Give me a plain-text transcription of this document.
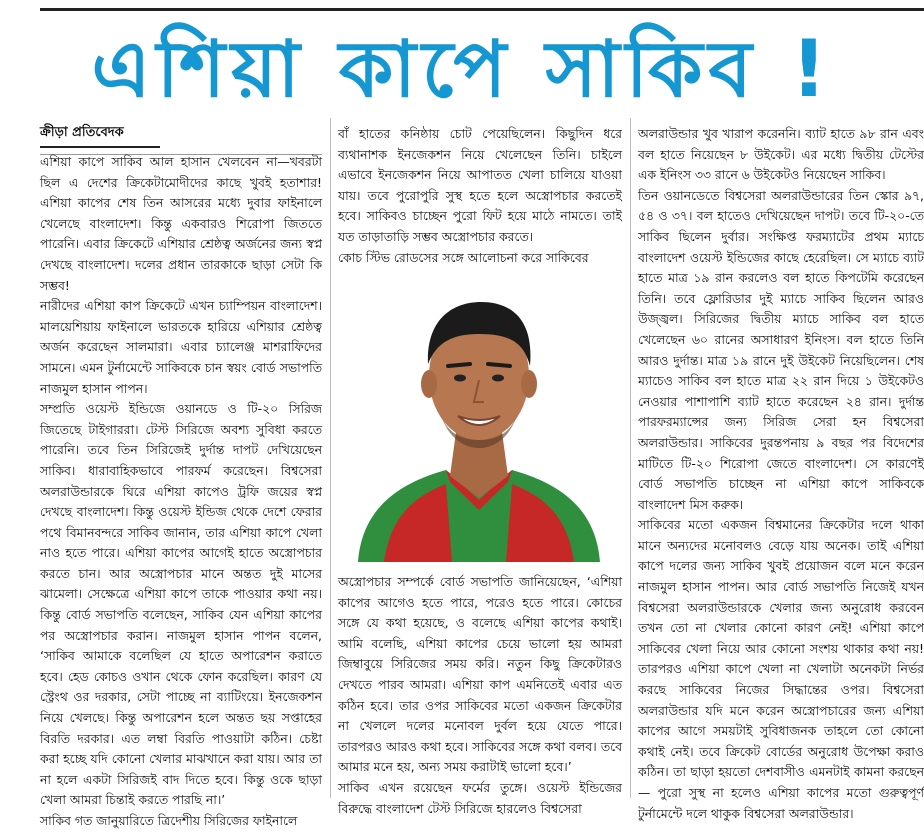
এশিয়া কাপে সাকিব !
ক্রীড়া প্রতিবেদক

এশিয়া কাপে সাকিব আল হাসান খেলবেন না—খবরটা ছিল এ দেশের ক্রিকেটামোদীদের কাছে খুবই হতাশার! এশিয়া কাপের শেষ তিন আসরের মধ্যে দুবার ফাইনালে খেলেছে বাংলাদেশ। কিন্তু একবারও শিরোপা জিততে পারেনি। এবার ক্রিকেটে এশিয়ার শ্রেষ্ঠত্ব অর্জনের জন্য স্বপ্ন দেখছে বাংলাদেশ। দলের প্রধান তারকাকে ছাড়া সেটা কি সম্ভব!

নারীদের এশিয়া কাপ ক্রিকেটে এখন চ্যাম্পিয়ন বাংলাদেশ। মালয়েশিয়ায় ফাইনালে ভারতকে হারিয়ে এশিয়ার শ্রেষ্ঠত্ব অর্জন করেছেন সালমারা। এবার চ্যালেঞ্জ মাশরাফিদের সামনে। এমন টুর্নামেন্টে সাকিবকে চান স্বয়ং বোর্ড সভাপতি নাজমুল হাসান পাপন।

সম্প্রতি ওয়েস্ট ইন্ডিজে ওয়ানডে ও টি-২০ সিরিজ জিতেছে টাইগাররা। টেস্ট সিরিজে অবশ্য সুবিধা করতে পারেনি। তবে তিন সিরিজেই দুর্দান্ত দাপট দেখিয়েছেন সাকিব। ধারাবাহিকভাবে পারফর্ম করেছেন। বিশ্বসেরা অলরাউন্ডারকে ঘিরে এশিয়া কাপেও ট্রফি জয়ের স্বপ্ন দেখছে বাংলাদেশ। কিন্তু ওয়েস্ট ইন্ডিজ থেকে দেশে ফেরার পথে বিমানবন্দরে সাকিব জানান, তার এশিয়া কাপে খেলা নাও হতে পারে। এশিয়া কাপের আগেই হাতে অস্ত্রোপচার করতে চান। আর অস্ত্রোপচার মানে অন্তত দুই মাসের ঝামেলা। সেক্ষেত্রে এশিয়া কাপে তাকে পাওয়ার কথা নয়। কিন্তু বোর্ড সভাপতি বলেছেন, সাকিব যেন এশিয়া কাপের পর অস্ত্রোপচার করান। নাজমুল হাসান পাপন বলেন, ‘সাকিব আমাকে বলেছিল যে হাতে অপারেশন করাতে হবে। হেড কোচও ওখান থেকে ফোন করেছিল। কারণ যে স্ট্রেংথ ওর দরকার, সেটা পাচ্ছে না ব্যাটিংয়ে। ইনজেকশন নিয়ে খেলছে। কিন্তু অপারেশন হলে অন্তত ছয় সপ্তাহের বিরতি দরকার। এত লম্বা বিরতি পাওয়াটা কঠিন। চেষ্টা করা হচ্ছে যদি কোনো খেলার মাঝখানে করা যায়। আর তা না হলে একটা সিরিজই বাদ দিতে হবে। কিন্তু ওকে ছাড়া খেলা আমরা চিন্তাই করতে পারছি না।’

সাকিব গত জানুয়ারিতে ত্রিদেশীয় সিরিজের ফাইনালে

বাঁ হাতের কনিষ্ঠায় চোট পেয়েছিলেন। কিছুদিন ধরে ব্যথানাশক ইনজেকশন নিয়ে খেলেছেন তিনি। চাইলে এভাবে ইনজেকশন নিয়ে আপাতত খেলা চালিয়ে যাওয়া যায়। তবে পুরোপুরি সুস্থ হতে হলে অস্ত্রোপচার করতেই হবে। সাকিবও চাচ্ছেন পুরো ফিট হয়ে মাঠে নামতে। তাই যত তাড়াতাড়ি সম্ভব অস্ত্রোপচার করতে।

কোচ স্টিভ রোডসের সঙ্গে আলোচনা করে সাকিবের

অস্ত্রোপচার সম্পর্কে বোর্ড সভাপতি জানিয়েছেন, ‘এশিয়া কাপের আগেও হতে পারে, পরেও হতে পারে। কোচের সঙ্গে যে কথা হয়েছে, ও বলেছে এশিয়া কাপের কথাই। আমি বলেছি, এশিয়া কাপের চেয়ে ভালো হয় আমরা জিম্বাবুয়ে সিরিজের সময় করি। নতুন কিছু ক্রিকেটারও দেখতে পারব আমরা। এশিয়া কাপ এমনিতেই এবার এত কঠিন হবে। তার ওপর সাকিবের মতো একজন ক্রিকেটার না খেললে দলের মনোবল দুর্বল হয়ে যেতে পারে। তারপরও আরও কথা হবে। সাকিবের সঙ্গে কথা বলব। তবে আমার মনে হয়, অন্য সময় করাটাই ভালো হবে।’

সাকিব এখন রয়েছেন ফর্মের তুঙ্গে। ওয়েস্ট ইন্ডিজের বিরুদ্ধে বাংলাদেশ টেস্ট সিরিজে হারলেও বিশ্বসেরা

অলরাউন্ডার খুব খারাপ করেননি। ব্যাট হাতে ৯৮ রান এবং বল হাতে নিয়েছেন ৮ উইকেট। এর মধ্যে দ্বিতীয় টেস্টের এক ইনিংস ৩৩ রানে ৬ উইকেটও নিয়েছেন সাকিব।

তিন ওয়ানডেতে বিশ্বসেরা অলরাউন্ডারের তিন স্কোর ৯৭, ৫৪ ও ৩৭। বল হাতেও দেখিয়েছেন দাপট। তবে টি-২০-তে সাকিব ছিলেন দুর্বার। সংক্ষিপ্ত ফরম্যাটের প্রথম ম্যাচে বাংলাদেশ ওয়েস্ট ইন্ডিজের কাছে হেরেছিল। সে ম্যাচে ব্যাট হাতে মাত্র ১৯ রান করলেও বল হাতে কিপটেমি করেছেন তিনি। তবে ফ্লোরিডার দুই ম্যাচে সাকিব ছিলেন আরও উজ্জ্বল। সিরিজের দ্বিতীয় ম্যাচে সাকিব বল হাতে খেলেছেন ৬০ রানের অসাধারণ ইনিংস। বল হাতে তিনি আরও দুর্দান্ত। মাত্র ১৯ রানে দুই উইকেট নিয়েছিলেন। শেষ ম্যাচেও সাকিব বল হাতে মাত্র ২২ রান দিয়ে ১ উইকেটও নেওয়ার পাশাপাশি ব্যাট হাতে করেছেন ২৪ রান। দুর্দান্ত পারফরম্যান্সের জন্য সিরিজ সেরা হন বিশ্বসেরা অলরাউন্ডার। সাকিবের দুরন্তপনায় ৯ বছর পর বিদেশের মাটিতে টি-২০ শিরোপা জেতে বাংলাদেশ। সে কারণেই বোর্ড সভাপতি চাচ্ছেন না এশিয়া কাপে সাকিবকে বাংলাদেশ মিস করুক।

সাকিবের মতো একজন বিশ্বমানের ক্রিকেটার দলে থাকা মানে অন্যদের মনোবলও বেড়ে যায় অনেক। তাই এশিয়া কাপে দলের জন্য সাকিব খুবই প্রয়োজন বলে মনে করেন নাজমুল হাসান পাপন। আর বোর্ড সভাপতি নিজেই যখন বিশ্বসেরা অলরাউন্ডারকে খেলার জন্য অনুরোধ করবেন তখন তো না খেলার কোনো কারণ নেই! এশিয়া কাপে সাকিবের খেলা নিয়ে আর কোনো সংশয় থাকার কথা নয়! তারপরও এশিয়া কাপে খেলা না খেলাটা অনেকটা নির্ভর করছে সাকিবের নিজের সিদ্ধান্তের ওপর। বিশ্বসেরা অলরাউন্ডার যদি মনে করেন অস্ত্রোপচারের জন্য এশিয়া কাপের আগে সময়টাই সুবিধাজনক তাহলে তো কোনো কথাই নেই। তবে ক্রিকেট বোর্ডের অনুরোধ উপেক্ষা করাও কঠিন। তা ছাড়া হয়তো দেশবাসীও এমনটাই কামনা করছেন— পুরো সুস্থ না হলেও এশিয়া কাপের মতো গুরুত্বপূর্ণ টুর্নামেন্টে দলে থাকুক বিশ্বসেরা অলরাউন্ডার।
